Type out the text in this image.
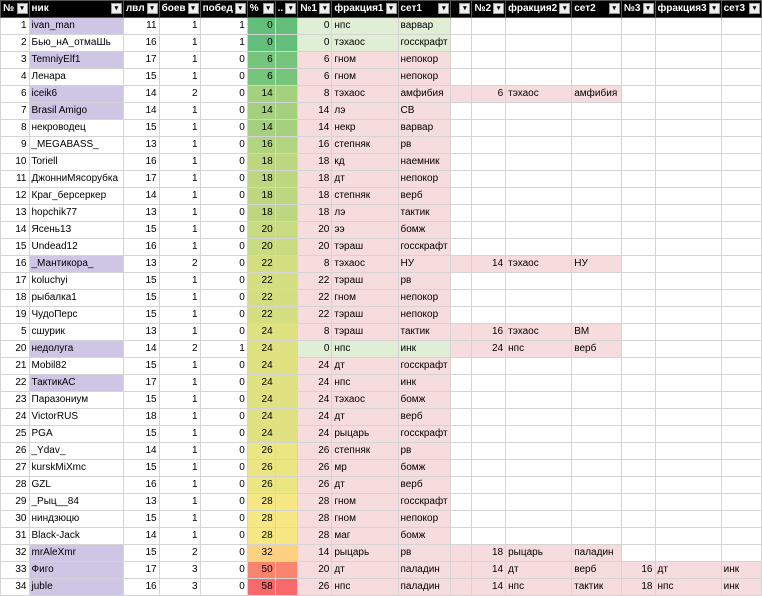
№ ▾	ник ▾	лвл ▾	боев ▾	побед ▾	% ▾	.. ▾	№1 ▾	фракция1 ▾	сет1 ▾	▾	№2 ▾	фракция2 ▾	сет2 ▾	№3 ▾	фракция3 ▾	сет3 ▾

1	ivan_man	11	1	1	0		0	нпс	варвар							
2	Бью_нА_отмаШь	16	1	1	0		0	тэхаос	госскрафт							
3	TemniyElf1	17	1	0	6		6	гном	непокор							
4	Ленара	15	1	0	6		6	гном	непокор							
6	iceik6	14	2	0	14		8	тэхаос	амфибия		6	тэхаос	амфибия			
7	Brasil Amigo	14	1	0	14		14	лэ	СВ							
8	некроводец	15	1	0	14		14	некр	варвар							
9	_MEGABASS_	13	1	0	16		16	степняк	рв							
10	Toriell	16	1	0	18		18	кд	наемник							
11	ДжонниМясорубка	17	1	0	18		18	дт	непокор							
12	Краг_берсеркер	14	1	0	18		18	степняк	верб							
13	hopchik77	13	1	0	18		18	лэ	тактик							
14	Ясень13	15	1	0	20		20	ээ	бомж							
15	Undead12	16	1	0	20		20	тэраш	госскрафт							
16	_Мантикора_	13	2	0	22		8	тэхаос	НУ		14	тэхаос	НУ			
17	koluchyi	15	1	0	22		22	тэраш	рв							
18	рыбалка1	15	1	0	22		22	гном	непокор							
19	ЧудоПерс	15	1	0	22		22	тэраш	непокор							
5	сшурик	13	1	0	24		8	тэраш	тактик		16	тэхаос	ВМ			
20	недолуга	14	2	1	24		0	нпс	инк		24	нпс	верб			
21	Mobil82	15	1	0	24		24	дт	госскрафт							
22	ТактикАС	17	1	0	24		24	нпс	инк							
23	Паразониум	15	1	0	24		24	тэхаос	бомж							
24	VictorRUS	18	1	0	24		24	дт	верб							
25	PGA	15	1	0	24		24	рыцарь	госскрафт							
26	_Ydav_	14	1	0	26		26	степняк	рв							
27	kurskMiXmc	15	1	0	26		26	мр	бомж							
28	GZL	16	1	0	26		26	дт	верб							
29	_Рыц__84	13	1	0	28		28	гном	госскрафт							
30	ниндзюцю	15	1	0	28		28	гном	непокор							
31	Black-Jack	14	1	0	28		28	маг	бомж							
32	mrAleXmr	15	2	0	32		14	рыцарь	рв		18	рыцарь	паладин			
33	Фиго	17	3	0	50		20	дт	паладин		14	дт	верб	16	дт	инк
34	juble	16	3	0	58		26	нпс	паладин		14	нпс	тактик	18	нпс	инк
